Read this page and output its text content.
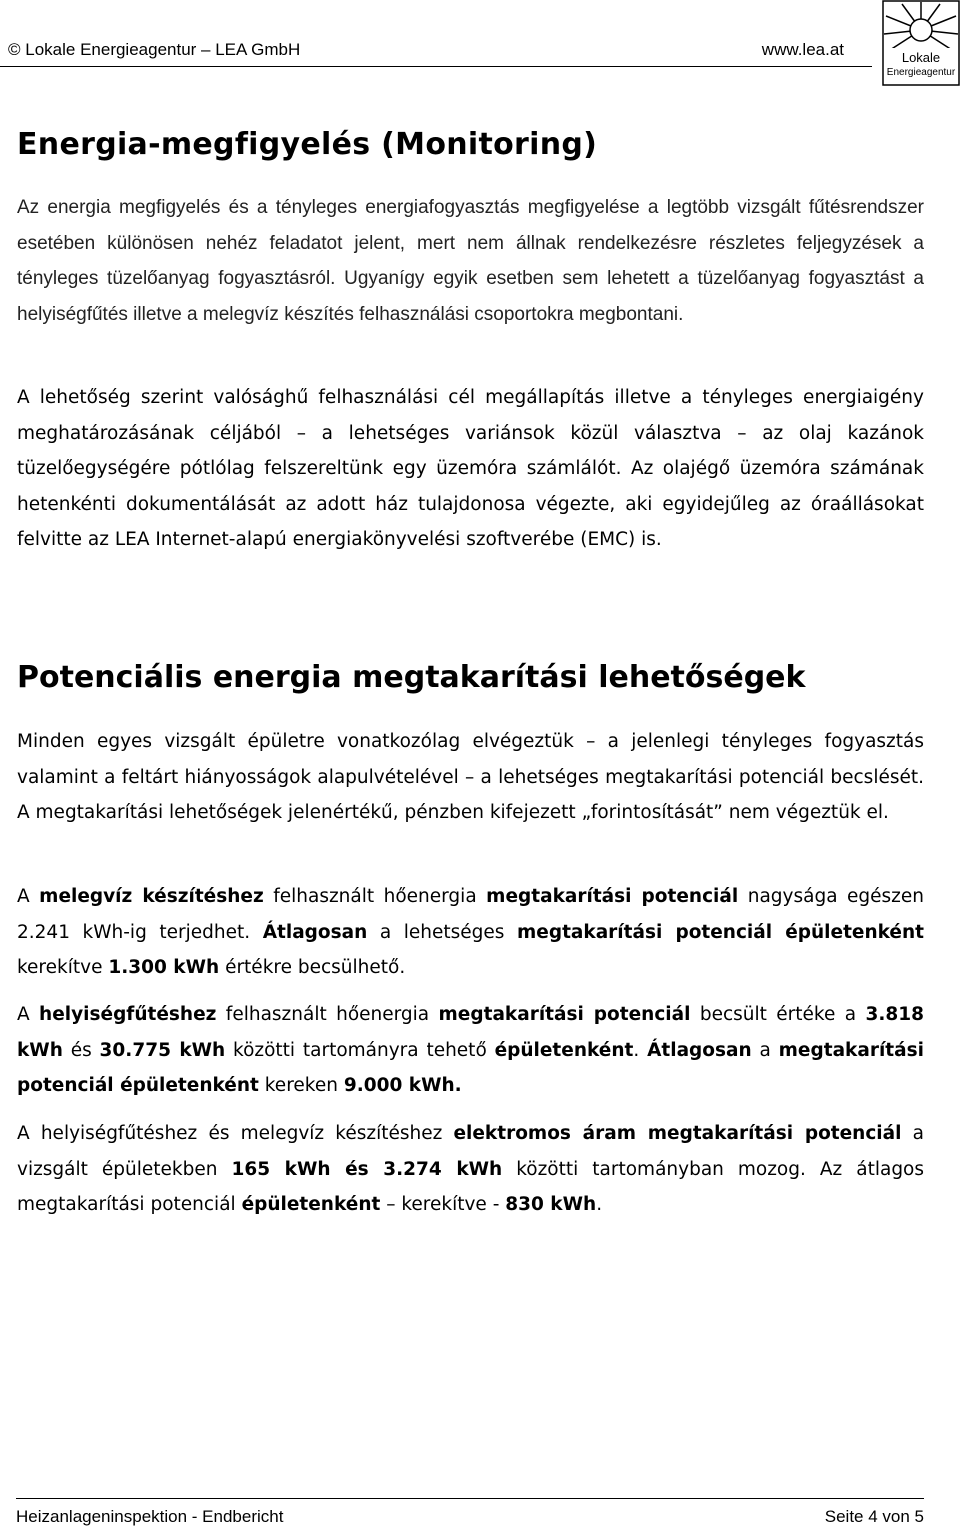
© Lokale Energieagentur – LEA GmbH	www.lea.at	Lokale
Energieagentur
Energia-megfigyelés (Monitoring)

Az energia megfigyelés és a tényleges energiafogyasztás megfigyelése a legtöbb vizsgált fűtésrendszer esetében különösen nehéz feladatot jelent, mert nem állnak rendelkezésre részletes feljegyzések a tényleges tüzelőanyag fogyasztásról. Ugyanígy egyik esetben sem lehetett a tüzelőanyag fogyasztást a helyiségfűtés illetve a melegvíz készítés felhasználási csoportokra megbontani.

A lehetőség szerint valósághű felhasználási cél megállapítás illetve a tényleges energiaigény meghatározásának céljából – a lehetséges variánsok közül választva – az olaj kazánok tüzelőegységére pótlólag felszereltünk egy üzemóra számlálót. Az olajégő üzemóra számának hetenkénti dokumentálását az adott ház tulajdonosa végezte, aki egyidejűleg az óraállásokat felvitte az LEA Internet-alapú energiakönyvelési szoftverébe (EMC) is.

Potenciális energia megtakarítási lehetőségek

Minden egyes vizsgált épületre vonatkozólag elvégeztük – a jelenlegi tényleges fogyasztás valamint a feltárt hiányosságok alapulvételével – a lehetséges megtakarítási potenciál becslését. A megtakarítási lehetőségek jelenértékű, pénzben kifejezett „forintosítását” nem végeztük el.

A melegvíz készítéshez felhasznált hőenergia megtakarítási potenciál nagysága egészen 2.241 kWh-ig terjedhet. Átlagosan a lehetséges megtakarítási potenciál épületenként kerekítve 1.300 kWh értékre becsülhető.

A helyiségfűtéshez felhasznált hőenergia megtakarítási potenciál becsült értéke a 3.818 kWh és 30.775 kWh közötti tartományra tehető épületenként. Átlagosan a megtakarítási potenciál épületenként kereken 9.000 kWh.

A helyiségfűtéshez és melegvíz készítéshez elektromos áram megtakarítási potenciál a vizsgált épületekben 165 kWh és 3.274 kWh közötti tartományban mozog. Az átlagos megtakarítási potenciál épületenként – kerekítve - 830 kWh.

Heizanlageninspektion - Endbericht	Seite 4 von 5
